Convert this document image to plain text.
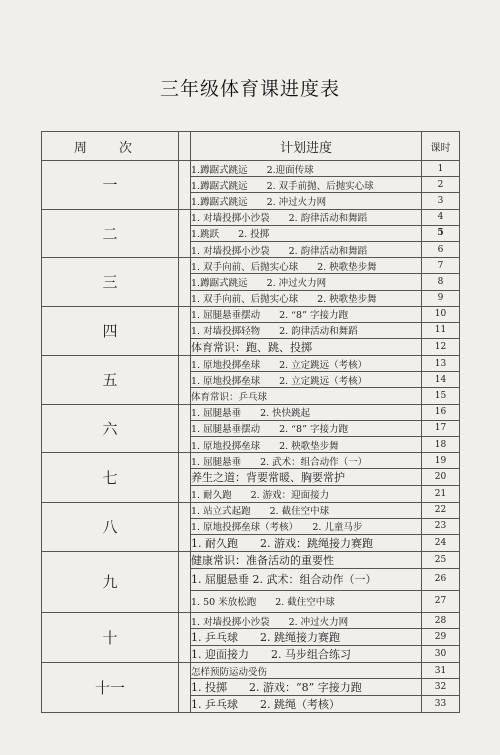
三年级体育课进度表
周 次		计划进度	课时
一		1.蹲踞式跳远　　2.迎面传球	1
		1.蹲踞式跳远　　2. 双手前抛、后抛实心球	2
		1.蹲踞式跳远　　2. 冲过火力网	3
二		1. 对墙投掷小沙袋　　2. 韵律活动和舞蹈	4
		1.跳跃　　2. 投掷	5
		1. 对墙投掷小沙袋　　2. 韵律活动和舞蹈	6
三		1. 双手向前、后抛实心球　　2. 秧歌垫步舞	7
		1.蹲踞式跳远　　2. 冲过火力网	8
		1. 双手向前、后抛实心球　　2. 秧歌垫步舞	9
四		1. 屈腿悬垂摆动　　2. “8” 字接力跑	10
		1. 对墙投掷轻物　　2. 韵律活动和舞蹈	11
		体育常识：跑、跳、投掷	12
五		1. 原地投掷垒球　　2. 立定跳远（考核）	13
		1. 原地投掷垒球　　2. 立定跳远（考核）	14
		体育常识：乒乓球	15
六		1. 屈腿悬垂　　2. 快快跳起	16
		1. 屈腿悬垂摆动　　2. “8” 字接力跑	17
		1. 原地投掷垒球　　2. 秧歌垫步舞	18
七		1. 屈腿悬垂　　2. 武术：组合动作（一）	19
		养生之道：背要常暖、胸要常护	20
		1. 耐久跑　　2. 游戏：迎面接力	21
八		1. 站立式起跑　　2. 截住空中球	22
		1. 原地投掷垒球（考核）　　2. 儿童马步	23
		1. 耐久跑　　2. 游戏：跳绳接力赛跑	24
九		健康常识：准备活动的重要性	25
		1. 屈腿悬垂 2. 武术：组合动作（一）	26
		1. 50 米放松跑　　2. 截住空中球	27
十		1. 对墙投掷小沙袋　　2. 冲过火力网	28
		1. 乒乓球　　2. 跳绳接力赛跑	29
		1. 迎面接力　　2. 马步组合练习	30
十一		怎样预防运动受伤	31
		1. 投掷　　2. 游戏：“8” 字接力跑	32
		1. 乒乓球　　2. 跳绳（考核）	33
